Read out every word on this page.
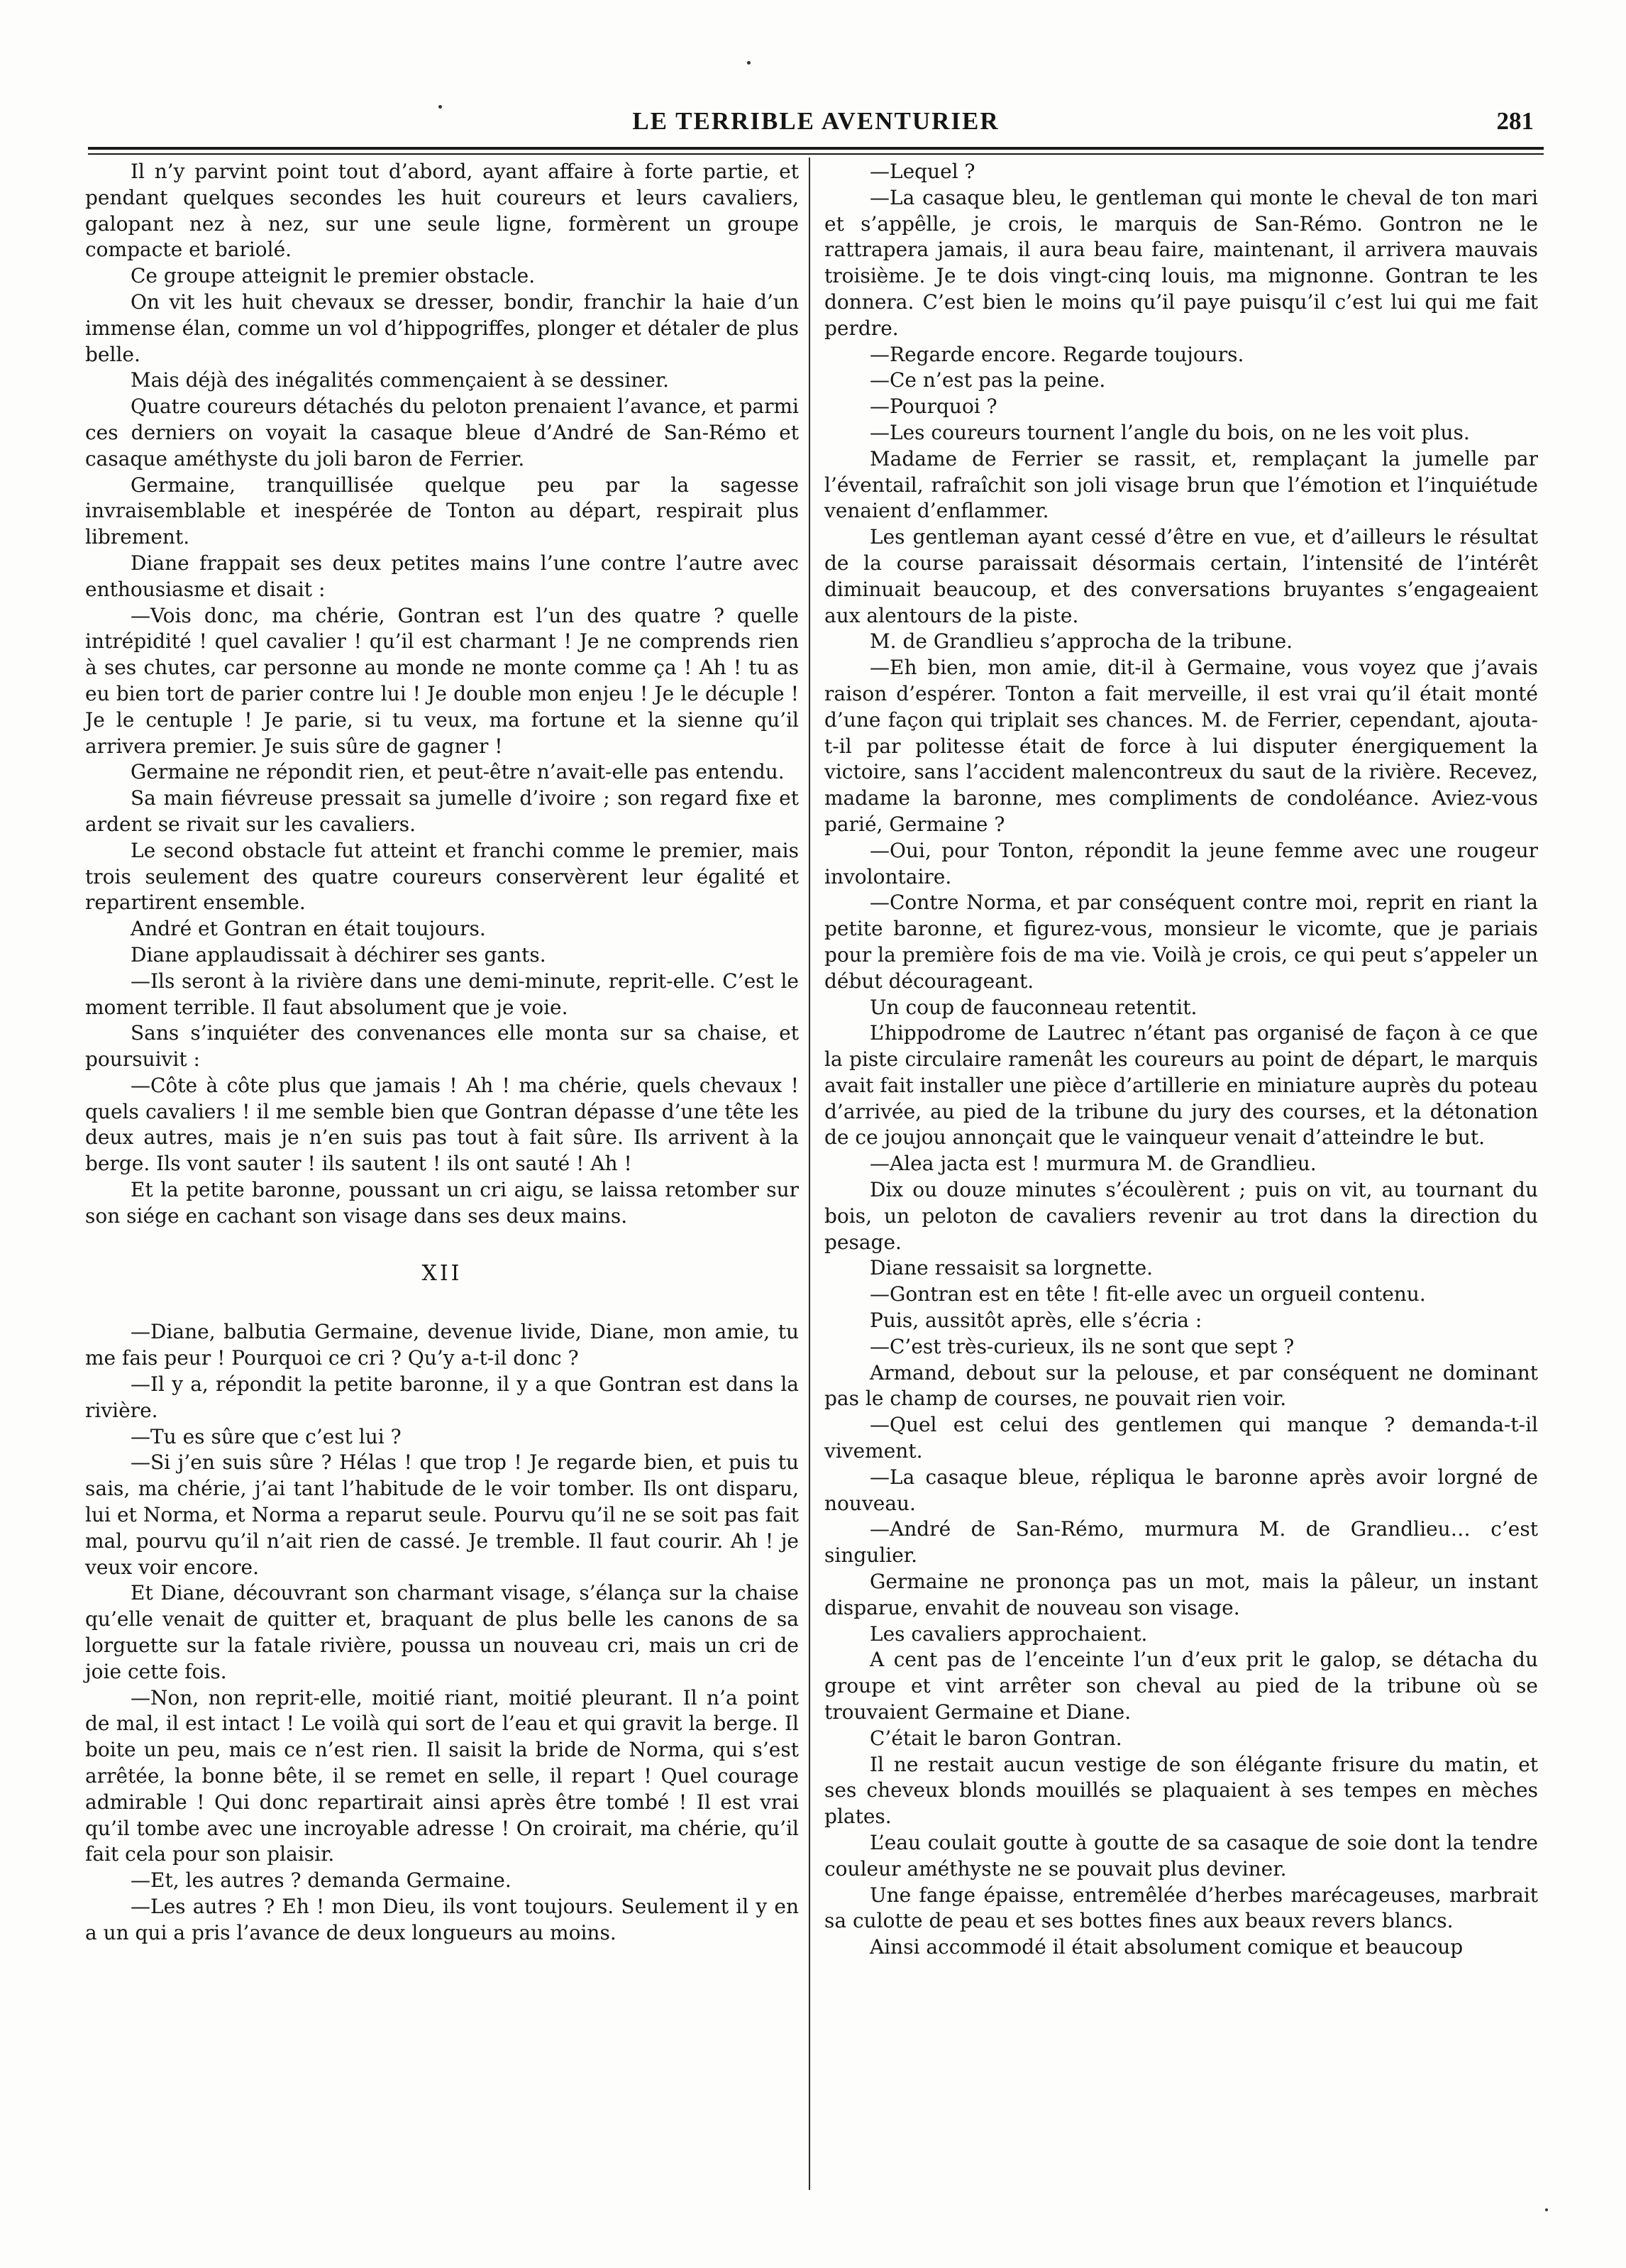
LE TERRIBLE AVENTURIER	281

Il n’y parvint point tout d’abord, ayant affaire à forte partie, et pendant quelques secondes les huit coureurs et leurs cavaliers, galopant nez à nez, sur une seule ligne, formèrent un groupe compacte et bariolé.

Ce groupe atteignit le premier obstacle.

On vit les huit chevaux se dresser, bondir, franchir la haie d’un immense élan, comme un vol d’hippogriffes, plonger et détaler de plus belle.

Mais déjà des inégalités commençaient à se dessiner.

Quatre coureurs détachés du peloton prenaient l’avance, et parmi ces derniers on voyait la casaque bleue d’André de San-Rémo et casaque améthyste du joli baron de Ferrier.

Germaine, tranquillisée quelque peu par la sagesse invraisemblable et inespérée de Tonton au départ, respirait plus librement.

Diane frappait ses deux petites mains l’une contre l’autre avec enthousiasme et disait :

—Vois donc, ma chérie, Gontran est l’un des quatre ? quelle intrépidité ! quel cavalier ! qu’il est charmant ! Je ne comprends rien à ses chutes, car personne au monde ne monte comme ça ! Ah ! tu as eu bien tort de parier contre lui ! Je double mon enjeu ! Je le décuple ! Je le centuple ! Je parie, si tu veux, ma fortune et la sienne qu’il arrivera premier. Je suis sûre de gagner !

Germaine ne répondit rien, et peut-être n’avait-elle pas entendu.

Sa main fiévreuse pressait sa jumelle d’ivoire ; son regard fixe et ardent se rivait sur les cavaliers.

Le second obstacle fut atteint et franchi comme le premier, mais trois seulement des quatre coureurs conservèrent leur égalité et repartirent ensemble.

André et Gontran en était toujours.

Diane applaudissait à déchirer ses gants.

—Ils seront à la rivière dans une demi-minute, reprit-elle. C’est le moment terrible. Il faut absolument que je voie.

Sans s’inquiéter des convenances elle monta sur sa chaise, et poursuivit :

—Côte à côte plus que jamais ! Ah ! ma chérie, quels chevaux ! quels cavaliers ! il me semble bien que Gontran dépasse d’une tête les deux autres, mais je n’en suis pas tout à fait sûre. Ils arrivent à la berge. Ils vont sauter ! ils sautent ! ils ont sauté ! Ah !

Et la petite baronne, poussant un cri aigu, se laissa retomber sur son siége en cachant son visage dans ses deux mains.

XII

—Diane, balbutia Germaine, devenue livide, Diane, mon amie, tu me fais peur ! Pourquoi ce cri ? Qu’y a-t-il donc ?

—Il y a, répondit la petite baronne, il y a que Gontran est dans la rivière.

—Tu es sûre que c’est lui ?

—Si j’en suis sûre ? Hélas ! que trop ! Je regarde bien, et puis tu sais, ma chérie, j’ai tant l’habitude de le voir tomber. Ils ont disparu, lui et Norma, et Norma a reparut seule. Pourvu qu’il ne se soit pas fait mal, pourvu qu’il n’ait rien de cassé. Je tremble. Il faut courir. Ah ! je veux voir encore.

Et Diane, découvrant son charmant visage, s’élança sur la chaise qu’elle venait de quitter et, braquant de plus belle les canons de sa lorguette sur la fatale rivière, poussa un nouveau cri, mais un cri de joie cette fois.

—Non, non reprit-elle, moitié riant, moitié pleurant. Il n’a point de mal, il est intact ! Le voilà qui sort de l’eau et qui gravit la berge. Il boite un peu, mais ce n’est rien. Il saisit la bride de Norma, qui s’est arrêtée, la bonne bête, il se remet en selle, il repart ! Quel courage admirable ! Qui donc repartirait ainsi après être tombé ! Il est vrai qu’il tombe avec une incroyable adresse ! On croirait, ma chérie, qu’il fait cela pour son plaisir.

—Et, les autres ? demanda Germaine.

—Les autres ? Eh ! mon Dieu, ils vont toujours. Seulement il y en a un qui a pris l’avance de deux longueurs au moins.

—Lequel ?

—La casaque bleu, le gentleman qui monte le cheval de ton mari et s’appêlle, je crois, le marquis de San-Rémo. Gontron ne le rattrapera jamais, il aura beau faire, maintenant, il arrivera mauvais troisième. Je te dois vingt-cinq louis, ma mignonne. Gontran te les donnera. C’est bien le moins qu’il paye puisqu’il c’est lui qui me fait perdre.

—Regarde encore. Regarde toujours.

—Ce n’est pas la peine.

—Pourquoi ?

—Les coureurs tournent l’angle du bois, on ne les voit plus.

Madame de Ferrier se rassit, et, remplaçant la jumelle par l’éventail, rafraîchit son joli visage brun que l’émotion et l’inquiétude venaient d’enflammer.

Les gentleman ayant cessé d’être en vue, et d’ailleurs le résultat de la course paraissait désormais certain, l’intensité de l’intérêt diminuait beaucoup, et des conversations bruyantes s’engageaient aux alentours de la piste.

M. de Grandlieu s’approcha de la tribune.

—Eh bien, mon amie, dit-il à Germaine, vous voyez que j’avais raison d’espérer. Tonton a fait merveille, il est vrai qu’il était monté d’une façon qui triplait ses chances. M. de Ferrier, cependant, ajouta-t-il par politesse était de force à lui disputer énergiquement la victoire, sans l’accident malencontreux du saut de la rivière. Recevez, madame la baronne, mes compliments de condoléance. Aviez-vous parié, Germaine ?

—Oui, pour Tonton, répondit la jeune femme avec une rougeur involontaire.

—Contre Norma, et par conséquent contre moi, reprit en riant la petite baronne, et figurez-vous, monsieur le vicomte, que je pariais pour la première fois de ma vie. Voilà je crois, ce qui peut s’appeler un début décourageant.

Un coup de fauconneau retentit.

L’hippodrome de Lautrec n’étant pas organisé de façon à ce que la piste circulaire ramenât les coureurs au point de départ, le marquis avait fait installer une pièce d’artillerie en miniature auprès du poteau d’arrivée, au pied de la tribune du jury des courses, et la détonation de ce joujou annonçait que le vainqueur venait d’atteindre le but.

—Alea jacta est ! murmura M. de Grandlieu.

Dix ou douze minutes s’écoulèrent ; puis on vit, au tournant du bois, un peloton de cavaliers revenir au trot dans la direction du pesage.

Diane ressaisit sa lorgnette.

—Gontran est en tête ! fit-elle avec un orgueil contenu.

Puis, aussitôt après, elle s’écria :

—C’est très-curieux, ils ne sont que sept ?

Armand, debout sur la pelouse, et par conséquent ne dominant pas le champ de courses, ne pouvait rien voir.

—Quel est celui des gentlemen qui manque ? demanda-t-il vivement.

—La casaque bleue, répliqua le baronne après avoir lorgné de nouveau.

—André de San-Rémo, murmura M. de Grandlieu… c’est singulier.

Germaine ne prononça pas un mot, mais la pâleur, un instant disparue, envahit de nouveau son visage.

Les cavaliers approchaient.

A cent pas de l’enceinte l’un d’eux prit le galop, se détacha du groupe et vint arrêter son cheval au pied de la tribune où se trouvaient Germaine et Diane.

C’était le baron Gontran.

Il ne restait aucun vestige de son élégante frisure du matin, et ses cheveux blonds mouillés se plaquaient à ses tempes en mèches plates.

L’eau coulait goutte à goutte de sa casaque de soie dont la tendre couleur améthyste ne se pouvait plus deviner.

Une fange épaisse, entremêlée d’herbes marécageuses, marbrait sa culotte de peau et ses bottes fines aux beaux revers blancs.

Ainsi accommodé il était absolument comique et beaucoup
